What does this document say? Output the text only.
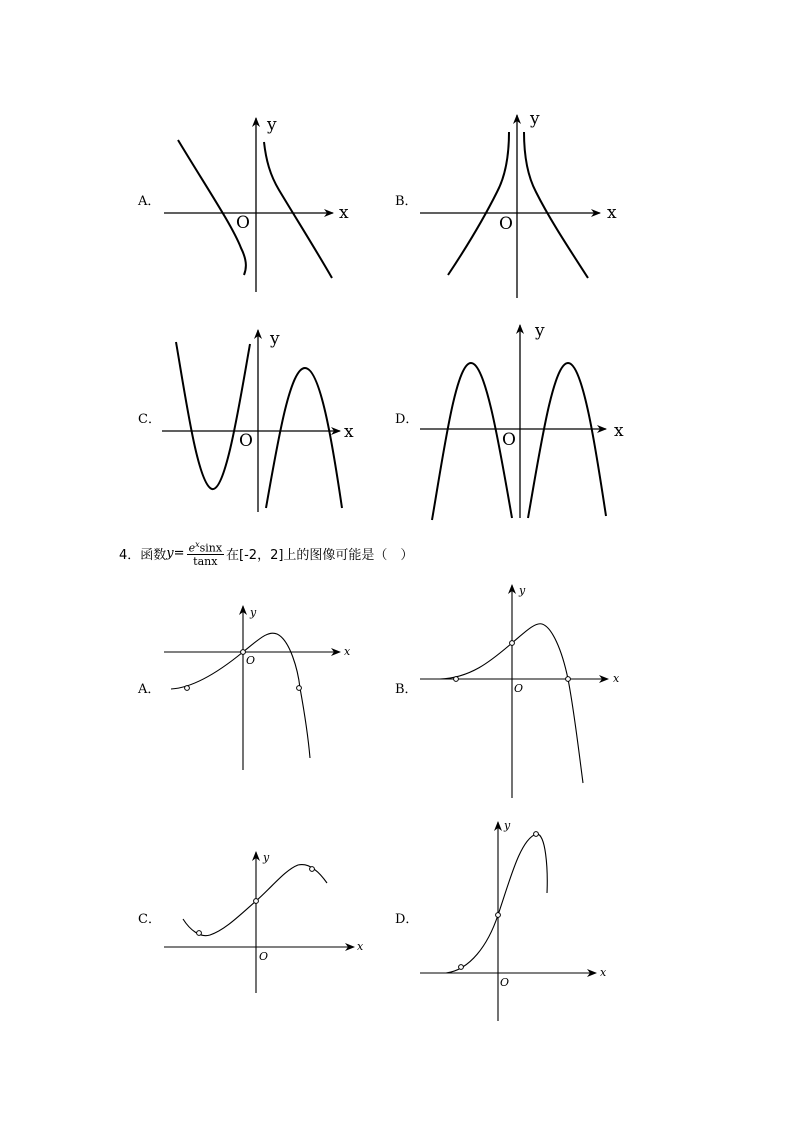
A．
y
x
O
B．
y
x
O
C．
y
x
O
D．
y
x
O
A．
y
x
O
B．
y
x
O
C．
y
x
O
D．
y
x
O
4． 函数 $y = \frac{e^x\sin x}{\tan x}$ 在[-2，2]上的图像可能是（　）
